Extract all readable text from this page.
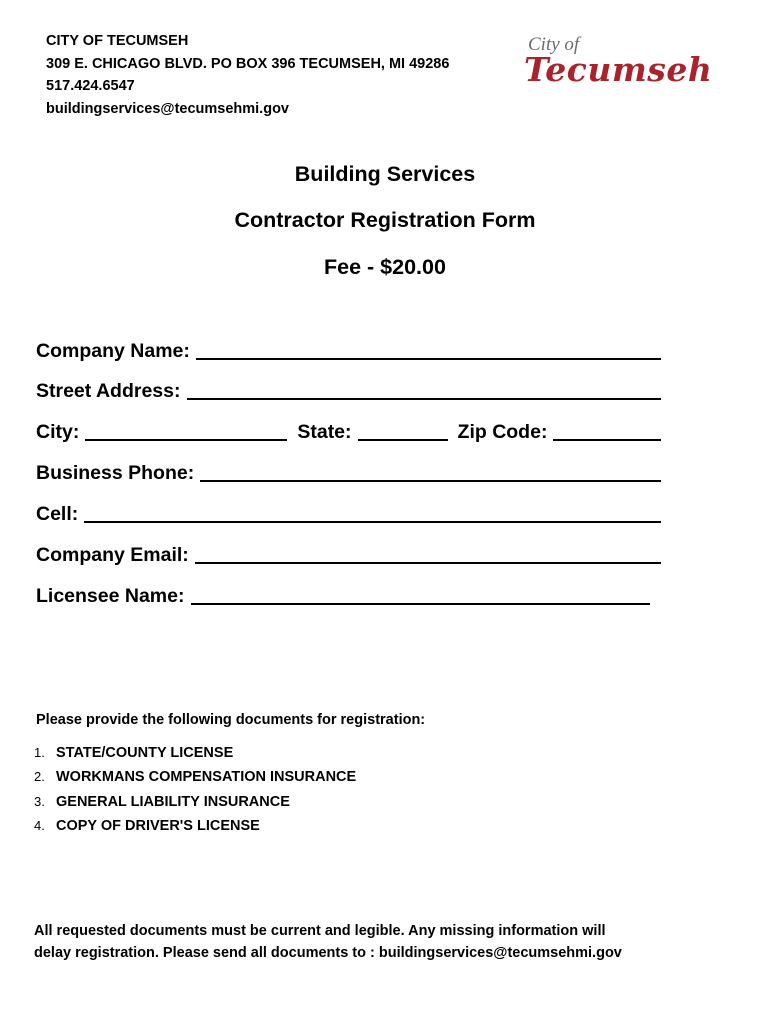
CITY OF TECUMSEH
309 E. CHICAGO BLVD. PO BOX 396 TECUMSEH, MI 49286
517.424.6547
buildingservices@tecumsehmi.gov
City of
Tecumseh
Building Services
Contractor Registration Form
Fee - $20.00
Company Name:
Street Address:
City:	State:	Zip Code:
Business Phone:
Cell:
Company Email:
Licensee Name:
Please provide the following documents for registration:
1. STATE/COUNTY LICENSE
2. WORKMANS COMPENSATION INSURANCE
3. GENERAL LIABILITY INSURANCE
4. COPY OF DRIVER'S LICENSE
All requested documents must be current and legible. Any missing information will
delay registration. Please send all documents to : buildingservices@tecumsehmi.gov
